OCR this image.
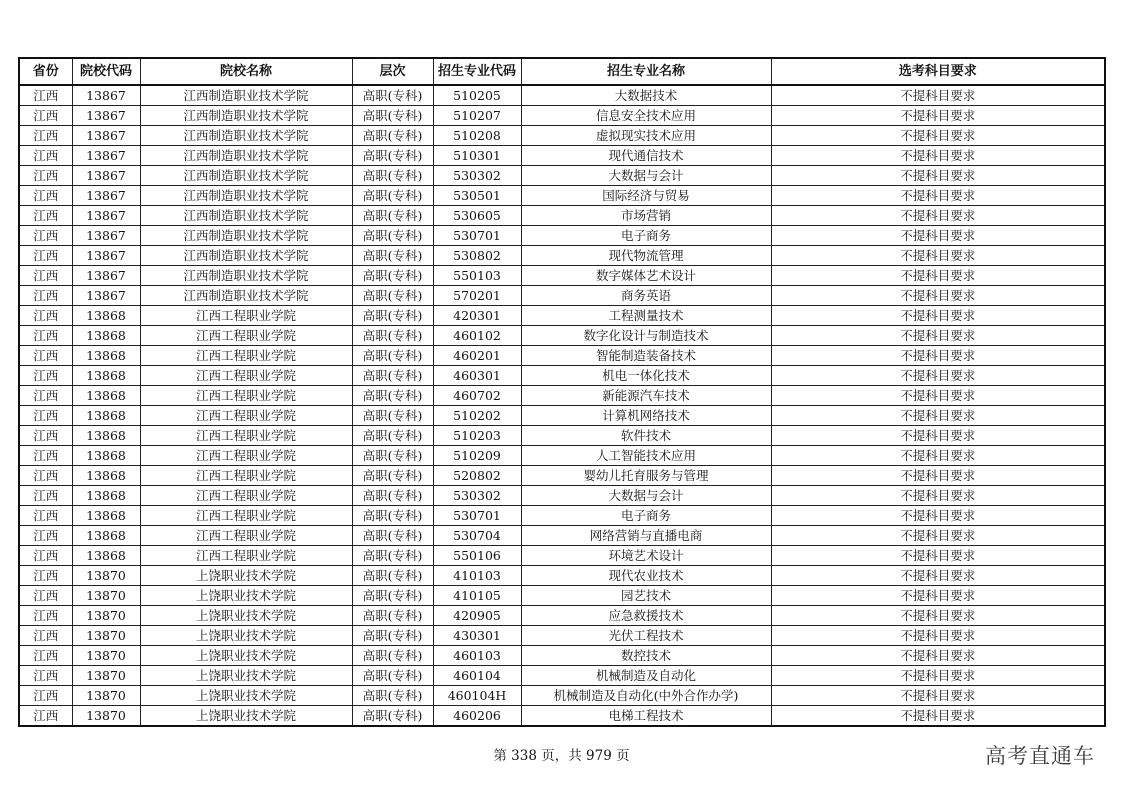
省份	院校代码	院校名称	层次	招生专业代码	招生专业名称	选考科目要求
江西	13867	江西制造职业技术学院	高职(专科)	510205	大数据技术	不提科目要求
江西	13867	江西制造职业技术学院	高职(专科)	510207	信息安全技术应用	不提科目要求
江西	13867	江西制造职业技术学院	高职(专科)	510208	虚拟现实技术应用	不提科目要求
江西	13867	江西制造职业技术学院	高职(专科)	510301	现代通信技术	不提科目要求
江西	13867	江西制造职业技术学院	高职(专科)	530302	大数据与会计	不提科目要求
江西	13867	江西制造职业技术学院	高职(专科)	530501	国际经济与贸易	不提科目要求
江西	13867	江西制造职业技术学院	高职(专科)	530605	市场营销	不提科目要求
江西	13867	江西制造职业技术学院	高职(专科)	530701	电子商务	不提科目要求
江西	13867	江西制造职业技术学院	高职(专科)	530802	现代物流管理	不提科目要求
江西	13867	江西制造职业技术学院	高职(专科)	550103	数字媒体艺术设计	不提科目要求
江西	13867	江西制造职业技术学院	高职(专科)	570201	商务英语	不提科目要求
江西	13868	江西工程职业学院	高职(专科)	420301	工程测量技术	不提科目要求
江西	13868	江西工程职业学院	高职(专科)	460102	数字化设计与制造技术	不提科目要求
江西	13868	江西工程职业学院	高职(专科)	460201	智能制造装备技术	不提科目要求
江西	13868	江西工程职业学院	高职(专科)	460301	机电一体化技术	不提科目要求
江西	13868	江西工程职业学院	高职(专科)	460702	新能源汽车技术	不提科目要求
江西	13868	江西工程职业学院	高职(专科)	510202	计算机网络技术	不提科目要求
江西	13868	江西工程职业学院	高职(专科)	510203	软件技术	不提科目要求
江西	13868	江西工程职业学院	高职(专科)	510209	人工智能技术应用	不提科目要求
江西	13868	江西工程职业学院	高职(专科)	520802	婴幼儿托育服务与管理	不提科目要求
江西	13868	江西工程职业学院	高职(专科)	530302	大数据与会计	不提科目要求
江西	13868	江西工程职业学院	高职(专科)	530701	电子商务	不提科目要求
江西	13868	江西工程职业学院	高职(专科)	530704	网络营销与直播电商	不提科目要求
江西	13868	江西工程职业学院	高职(专科)	550106	环境艺术设计	不提科目要求
江西	13870	上饶职业技术学院	高职(专科)	410103	现代农业技术	不提科目要求
江西	13870	上饶职业技术学院	高职(专科)	410105	园艺技术	不提科目要求
江西	13870	上饶职业技术学院	高职(专科)	420905	应急救援技术	不提科目要求
江西	13870	上饶职业技术学院	高职(专科)	430301	光伏工程技术	不提科目要求
江西	13870	上饶职业技术学院	高职(专科)	460103	数控技术	不提科目要求
江西	13870	上饶职业技术学院	高职(专科)	460104	机械制造及自动化	不提科目要求
江西	13870	上饶职业技术学院	高职(专科)	460104H	机械制造及自动化(中外合作办学)	不提科目要求
江西	13870	上饶职业技术学院	高职(专科)	460206	电梯工程技术	不提科目要求
第 338 页，共 979 页	高考直通车
